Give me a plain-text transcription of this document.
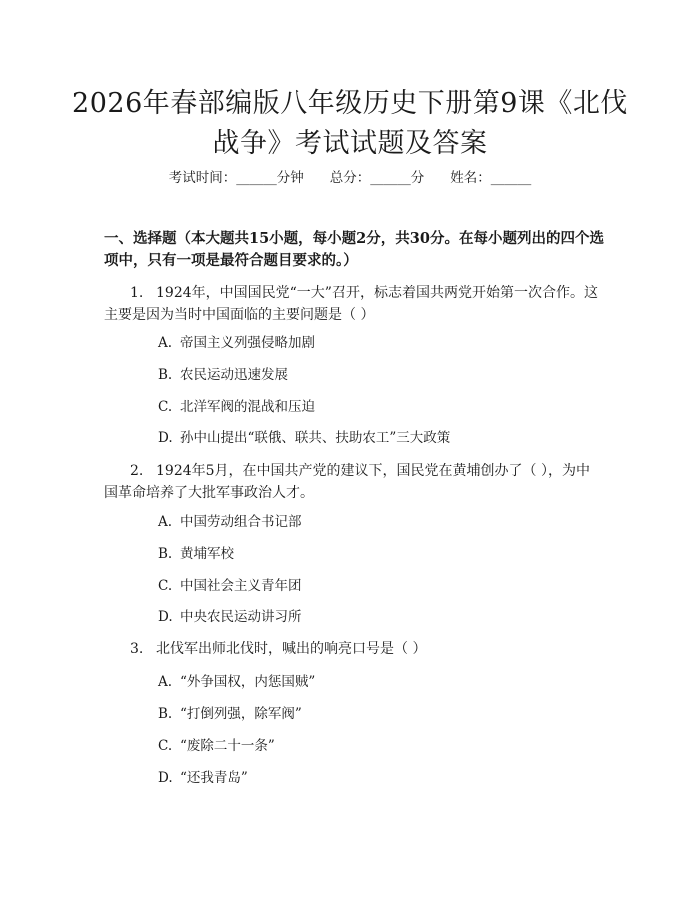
2026年春部编版八年级历史下册第9课《北伐战争》考试试题及答案
考试时间：______分钟 总分：______分 姓名：______

一、选择题（本大题共15小题，每小题2分，共30分。在每小题列出的四个选项中，只有一项是最符合题目要求的。）

1. 1924年，中国国民党“一大”召开，标志着国共两党开始第一次合作。这主要是因为当时中国面临的主要问题是（ ）

A. 帝国主义列强侵略加剧

B. 农民运动迅速发展

C. 北洋军阀的混战和压迫

D. 孙中山提出“联俄、联共、扶助农工”三大政策

2. 1924年5月，在中国共产党的建议下，国民党在黄埔创办了（ ），为中国革命培养了大批军事政治人才。

A. 中国劳动组合书记部

B. 黄埔军校

C. 中国社会主义青年团

D. 中央农民运动讲习所

3. 北伐军出师北伐时，喊出的响亮口号是（ ）

A. “外争国权，内惩国贼”

B. “打倒列强，除军阀”

C. “废除二十一条”

D. “还我青岛”
